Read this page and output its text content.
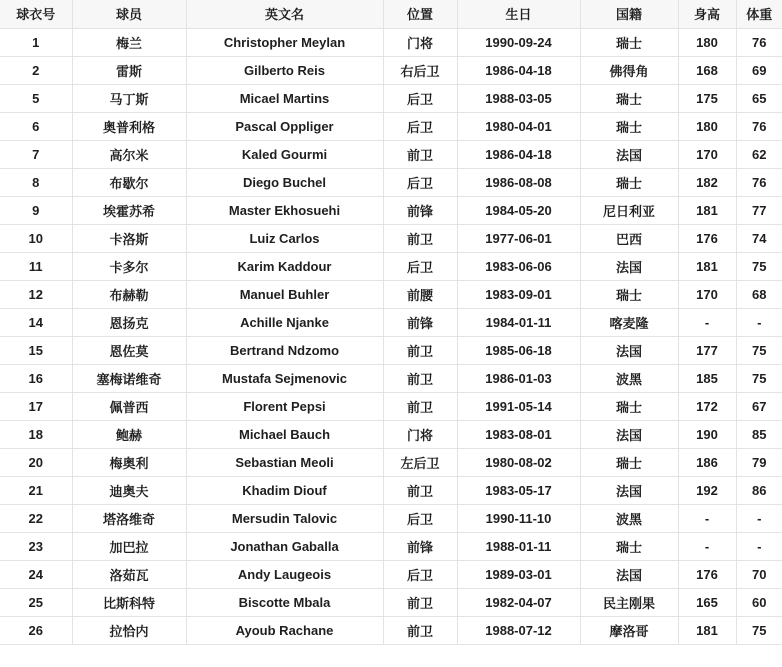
球衣号	球员	英文名	位置	生日	国籍	身高	体重
1	梅兰	Christopher Meylan	门将	1990-09-24	瑞士	180	76
2	雷斯	Gilberto Reis	右后卫	1986-04-18	佛得角	168	69
5	马丁斯	Micael Martins	后卫	1988-03-05	瑞士	175	65
6	奥普利格	Pascal Oppliger	后卫	1980-04-01	瑞士	180	76
7	高尔米	Kaled Gourmi	前卫	1986-04-18	法国	170	62
8	布歇尔	Diego Buchel	后卫	1986-08-08	瑞士	182	76
9	埃霍苏希	Master Ekhosuehi	前锋	1984-05-20	尼日利亚	181	77
10	卡洛斯	Luiz Carlos	前卫	1977-06-01	巴西	176	74
11	卡多尔	Karim Kaddour	后卫	1983-06-06	法国	181	75
12	布赫勒	Manuel Buhler	前腰	1983-09-01	瑞士	170	68
14	恩扬克	Achille Njanke	前锋	1984-01-11	喀麦隆	-	-
15	恩佐莫	Bertrand Ndzomo	前卫	1985-06-18	法国	177	75
16	塞梅诺维奇	Mustafa Sejmenovic	前卫	1986-01-03	波黑	185	75
17	佩普西	Florent Pepsi	前卫	1991-05-14	瑞士	172	67
18	鲍赫	Michael Bauch	门将	1983-08-01	法国	190	85
20	梅奥利	Sebastian Meoli	左后卫	1980-08-02	瑞士	186	79
21	迪奥夫	Khadim Diouf	前卫	1983-05-17	法国	192	86
22	塔洛维奇	Mersudin Talovic	后卫	1990-11-10	波黑	-	-
23	加巴拉	Jonathan Gaballa	前锋	1988-01-11	瑞士	-	-
24	洛茹瓦	Andy Laugeois	后卫	1989-03-01	法国	176	70
25	比斯科特	Biscotte Mbala	前卫	1982-04-07	民主刚果	165	60
26	拉恰内	Ayoub Rachane	前卫	1988-07-12	摩洛哥	181	75
